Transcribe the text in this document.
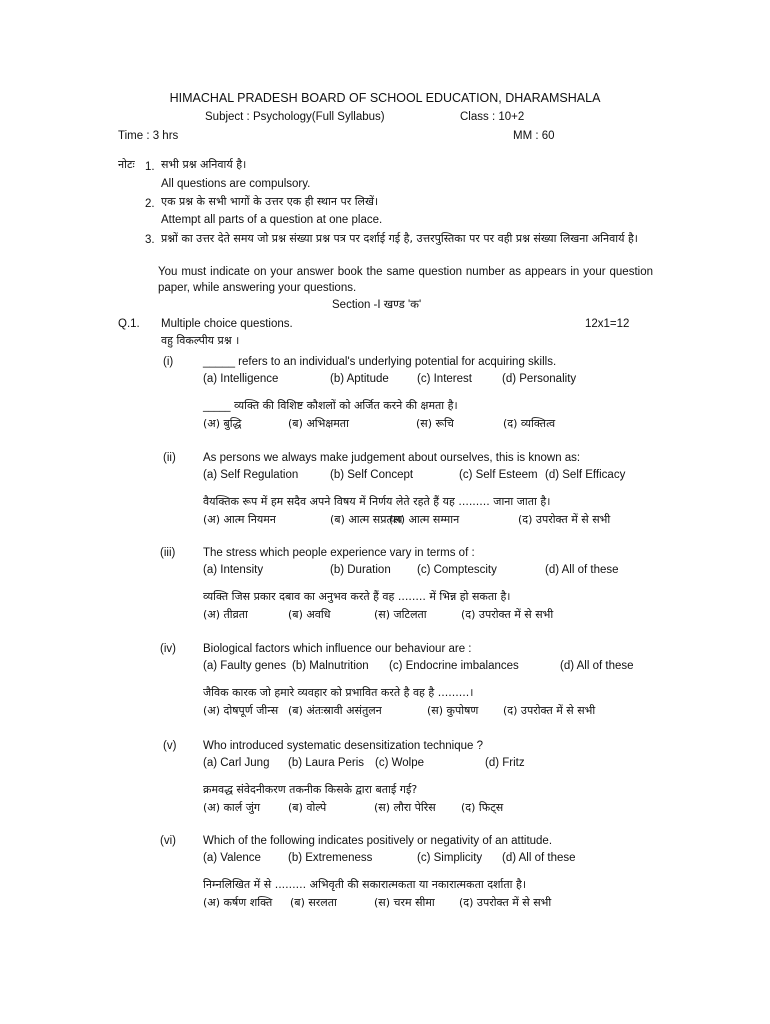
HIMACHAL PRADESH BOARD OF SCHOOL EDUCATION, DHARAMSHALA
Subject : Psychology(Full Syllabus)	Class : 10+2
Time : 3 hrs	MM : 60
नोटः 1. सभी प्रश्न अनिवार्य है।
All questions are compulsory.
2. एक प्रश्न के सभी भागों के उत्तर एक ही स्थान पर लिखें।
Attempt all parts of a question at one place.
3. प्रश्नों का उत्तर देते समय जो प्रश्न संख्या प्रश्न पत्र पर दर्शाई गई है, उत्तरपुस्तिका पर पर वही प्रश्न संख्या लिखना अनिवार्य है।
You must indicate on your answer book the same question number as appears in your question paper, while answering your questions.
Section -I खण्ड 'क'
Q.1. Multiple choice questions.	12x1=12
वहु विकल्पीय प्रश्न ।
(i)	_____ refers to an individual's underlying potential for acquiring skills.
(a) Intelligence	(b) Aptitude (c) Interest	(d) Personality
_____ व्यक्ति की विशिष्ट कौशलों को अर्जित करने की क्षमता है।
(अ) बुद्धि	(ब) अभिक्षमता	(स) रूचि	(द) व्यक्तित्व
(ii) As persons we always make judgement about ourselves, this is known as:
(a) Self Regulation	(b) Self Concept	(c) Self Esteem (d) Self Efficacy
वैयक्तिक रूप में हम सदैव अपने विषय में निर्णय लेते रहते हैं यह ......... जाना जाता है।
(अ) आत्म नियमन	(ब) आत्म सप्रत्यय
(स) आत्म सम्मान	(द) उपरोक्त में से सभी
(iii) The stress which people experience vary in terms of :
(a) Intensity	(b) Duration (c) Comptescity	(d) All of these
व्यक्ति जिस प्रकार दबाव का अनुभव करते हैं वह ........ में भिन्न हो सकता है।
(अ) तीव्रता	(ब) अवधि	(स) जटिलता	(द) उपरोक्त में से सभी
(iv) Biological factors which influence our behaviour are :
(a) Faulty genes (b) Malnutrition (c) Endocrine imbalances	(d) All of these
जैविक कारक जो हमारे व्यवहार को प्रभावित करते है वह है .........।
(अ) दोषपूर्ण जीन्स (ब) अंतःस्रावी असंतुलन	(स) कुपोषण (द) उपरोक्त में से सभी
(v) Who introduced systematic desensitization technique ?
(a) Carl Jung (b) Laura Peris (c) Wolpe	(d) Fritz
क्रमवद्ध संवेदनीकरण तकनीक किसके द्वारा बताई गई?
(अ) कार्ल जुंग	(ब) वोल्पे	(स) लौरा पेरिस (द) फिट्स
(vi) Which of the following indicates positively or negativity of an attitude.
(a) Valence (b) Extremeness	(c) Simplicity (d) All of these
निम्नलिखित में से ......... अभिवृती की सकारात्मकता या नकारात्मकता दर्शाता है।
(अ) कर्षण शक्ति (ब) सरलता	(स) चरम सीमा (द) उपरोक्त में से सभी
